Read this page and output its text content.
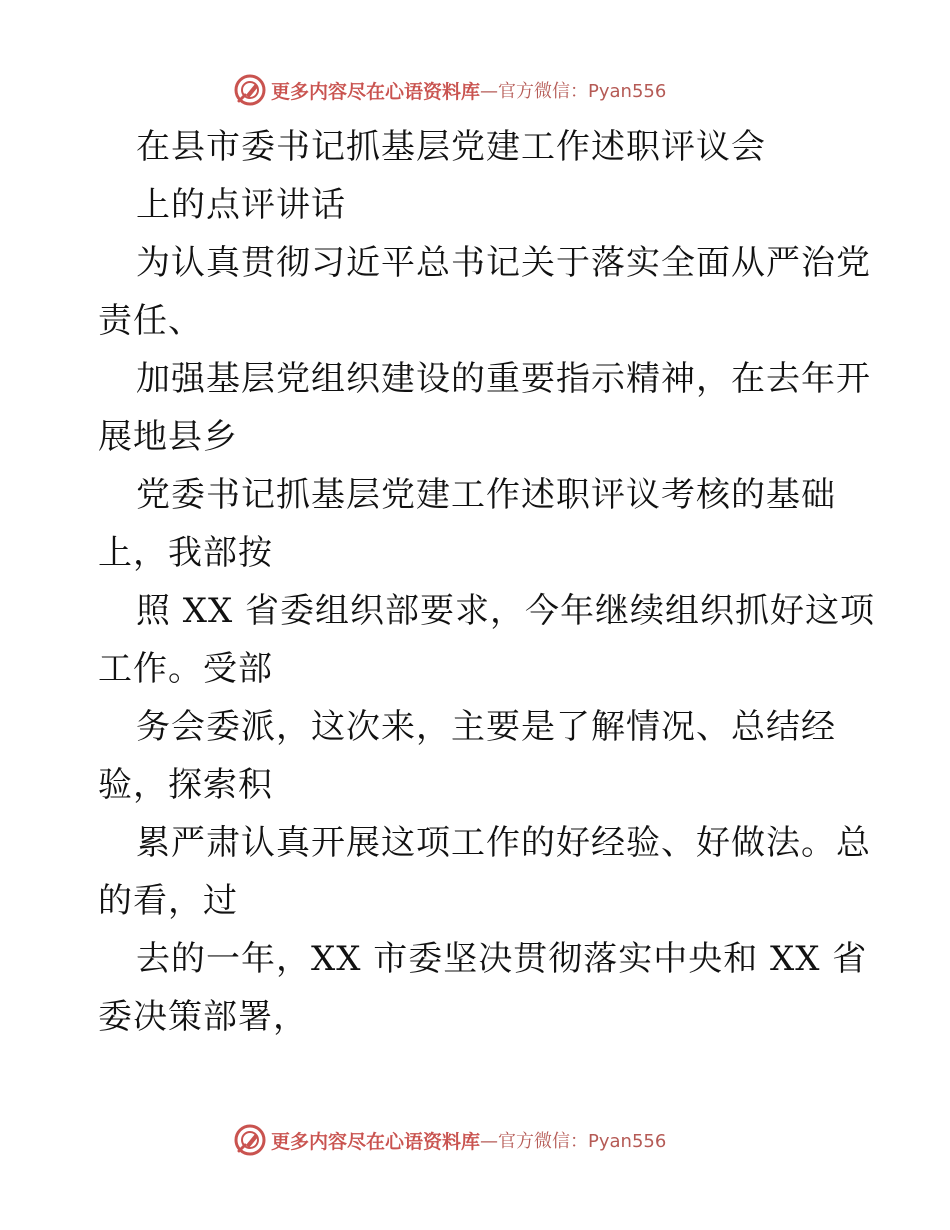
更多内容尽在心语资料库 —官方微信：Pyan556
在县市委书记抓基层党建工作述职评议会
上的点评讲话
为认真贯彻习近平总书记关于落实全面从严治党
责任、
加强基层党组织建设的重要指示精神，在去年开
展地县乡
党委书记抓基层党建工作述职评议考核的基础
上，我部按
照 XX 省委组织部要求，今年继续组织抓好这项
工作。受部
务会委派，这次来，主要是了解情况、总结经
验，探索积
累严肃认真开展这项工作的好经验、好做法。总
的看，过
去的一年，XX 市委坚决贯彻落实中央和 XX 省
委决策部署，
更多内容尽在心语资料库 —官方微信：Pyan556
